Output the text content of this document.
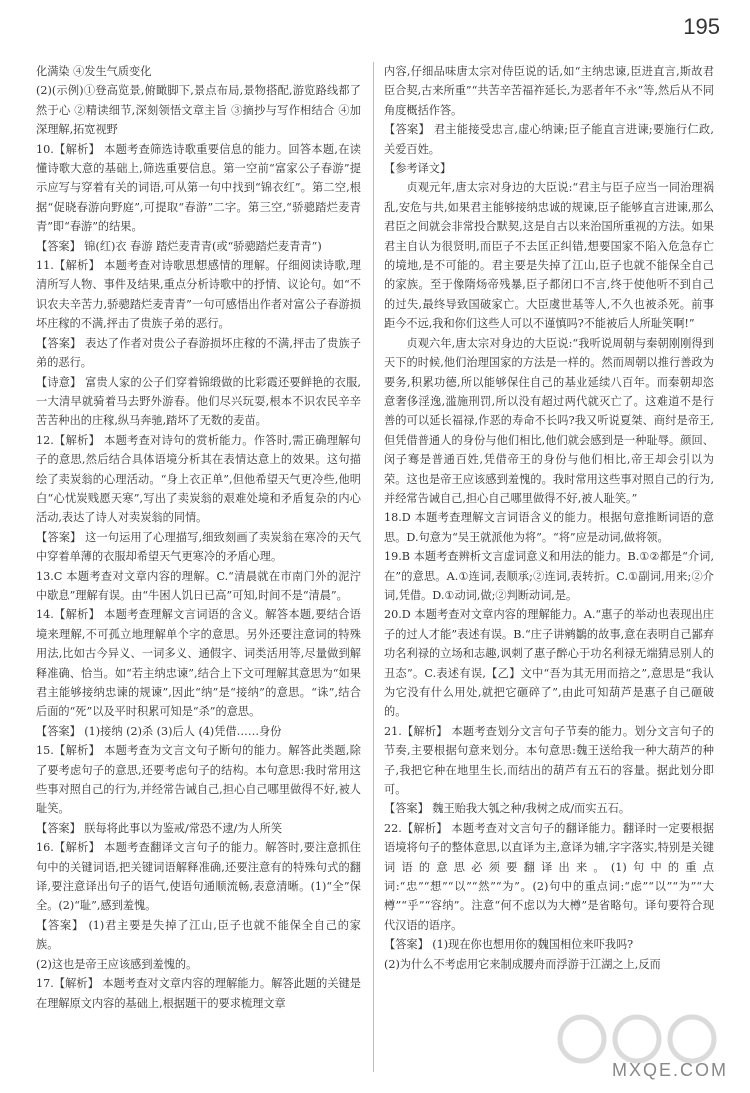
195

化满染 ④发生气质变化

(2)(示例)①登高览景,俯瞰脚下,景点布局,景物搭配,游览路线都了然于心 ②精读细节,深刻领悟文章主旨 ③摘抄与写作相结合 ④加深理解,拓宽视野

10.【解析】 本题考查筛选诗歌重要信息的能力。回答本题,在读懂诗歌大意的基础上,筛选重要信息。第一空前“富家公子春游”提示应写与穿着有关的词语,可从第一句中找到“锦衣红”。第二空,根据“促晓春游向野庭”,可提取“春游”二字。第三空,“骄骢踏烂麦青青”即“春游”的结果。

【答案】 锦(红)衣 春游 踏烂麦青青(或“骄骢踏烂麦青青”)

11.【解析】 本题考查对诗歌思想感情的理解。仔细阅读诗歌,理清所写人物、事件及结果,重点分析诗歌中的抒情、议论句。如“不识农夫辛苦力,骄骢踏烂麦青青”一句可感悟出作者对富公子春游损坏庄稼的不满,抨击了贵族子弟的恶行。

【答案】 表达了作者对贵公子春游损坏庄稼的不满,抨击了贵族子弟的恶行。

【诗意】 富贵人家的公子们穿着锦缎做的比彩霞还要鲜艳的衣服,一大清早就骑着马去野外游春。他们尽兴玩耍,根本不识农民辛辛苦苦种出的庄稼,纵马奔驰,踏坏了无数的麦苗。

12.【解析】 本题考查对诗句的赏析能力。作答时,需正确理解句子的意思,然后结合具体语境分析其在表情达意上的效果。这句描绘了卖炭翁的心理活动。“身上衣正单”,但他希望天气更冷些,他明白“心忧炭贱愿天寒”,写出了卖炭翁的艰难处境和矛盾复杂的内心活动,表达了诗人对卖炭翁的同情。

【答案】 这一句运用了心理描写,细致刻画了卖炭翁在寒冷的天气中穿着单薄的衣服却希望天气更寒冷的矛盾心理。

13.C 本题考查对文章内容的理解。C.“清晨就在市南门外的泥泞中歇息”理解有误。由“牛困人饥日已高”可知,时间不是“清晨”。

14.【解析】 本题考查理解文言词语的含义。解答本题,要结合语境来理解,不可孤立地理解单个字的意思。另外还要注意词的特殊用法,比如古今异义、一词多义、通假字、词类活用等,尽量做到解释准确、恰当。如“若主纳忠谏”,结合上下文可理解其意思为“如果君主能够接纳忠谏的规谏”,因此“纳”是“接纳”的意思。“诛”,结合后面的“死”以及平时积累可知是“杀”的意思。

【答案】 (1)接纳 (2)杀 (3)后人 (4)凭借……身份

15.【解析】 本题考查为文言文句子断句的能力。解答此类题,除了要考虑句子的意思,还要考虑句子的结构。本句意思:我时常用这些事对照自己的行为,并经常告诫自己,担心自己哪里做得不好,被人耻笑。

【答案】 朕每将此事以为鉴戒/常恐不逮/为人所笑

16.【解析】 本题考查翻译文言句子的能力。解答时,要注意抓住句中的关键词语,把关键词语解释准确,还要注意有的特殊句式的翻译,要注意译出句子的语气,使语句通顺流畅,表意清晰。(1)“全”保全。(2)“耻”,感到羞愧。

【答案】 (1)君主要是失掉了江山,臣子也就不能保全自己的家族。

(2)这也是帝王应该感到羞愧的。

17.【解析】 本题考查对文章内容的理解能力。解答此题的关键是在理解原文内容的基础上,根据题干的要求梳理文章

内容,仔细品味唐太宗对侍臣说的话,如“主纳忠谏,臣进直言,斯故君臣合契,古来所重”“共苦辛苦福祚延长,为恶者年不永”等,然后从不同角度概括作答。

【答案】 君主能接受忠言,虚心纳谏;臣子能直言进谏;要施行仁政,关爱百姓。

【参考译文】

贞观元年,唐太宗对身边的大臣说:“君主与臣子应当一同治理祸乱,安危与共,如果君主能够接纳忠诚的规谏,臣子能够直言进谏,那么君臣之间就会非常投合默契,这是自古以来治国所重视的方法。如果君主自认为很贤明,而臣子不去匡正纠错,想要国家不陷入危急存亡的境地,是不可能的。君主要是失掉了江山,臣子也就不能保全自己的家族。至于像隋炀帝残暴,臣子都闭口不言,终于使他听不到自己的过失,最终导致国破家亡。大臣虞世基等人,不久也被杀死。前事距今不远,我和你们这些人可以不谨慎吗?不能被后人所耻笑啊!”

贞观六年,唐太宗对身边的大臣说:“我听说周朝与秦朝刚刚得到天下的时候,他们治理国家的方法是一样的。然而周朝以推行善政为要务,积累功德,所以能够保住自己的基业延续八百年。而秦朝却恣意奢侈淫逸,滥施刑罚,所以没有超过两代就灭亡了。这难道不是行善的可以延长福禄,作恶的寿命不长吗?我又听说夏桀、商纣是帝王,但凭借普通人的身份与他们相比,他们就会感到是一种耻辱。颜回、闵子骞是普通百姓,凭借帝王的身份与他们相比,帝王却会引以为荣。这也是帝王应该感到羞愧的。我时常用这些事对照自己的行为,并经常告诫自己,担心自己哪里做得不好,被人耻笑。”

18.D 本题考查理解文言词语含义的能力。根据句意推断词语的意思。D.句意为“吴王就派他为将”。“将”应是动词,做将领。

19.B 本题考查辨析文言虚词意义和用法的能力。B.①②都是“介词,在”的意思。A.①连词,表顺承;②连词,表转折。C.①副词,用来;②介词,凭借。D.①动词,做;②判断动词,是。

20.D 本题考查对文章内容的理解能力。A.“惠子的举动也表现出庄子的过人才能”表述有误。B.“庄子讲鹓鶵的故事,意在表明自己鄙弃功名利禄的立场和志趣,讽刺了惠子醉心于功名利禄无端猜忌别人的丑态”。C.表述有误,【乙】文中“吾为其无用而掊之”,意思是“我认为它没有什么用处,就把它砸碎了”,由此可知葫芦是惠子自己砸破的。

21.【解析】 本题考查划分文言句子节奏的能力。划分文言句子的节奏,主要根据句意来划分。本句意思:魏王送给我一种大葫芦的种子,我把它种在地里生长,而结出的葫芦有五石的容量。据此划分即可。

【答案】 魏王贻我大瓠之种/我树之成/而实五石。

22.【解析】 本题考查对文言句子的翻译能力。翻译时一定要根据语境将句子的整体意思,以直译为主,意译为辅,字字落实,特别是关键词语的意思必须要翻译出来。(1)句中的重点词:“忠”“想”“以”“然”“为”。(2)句中的重点词:“虑”“以”“为”“大樽”“乎”“容纳”。注意“何不虑以为大樽”是省略句。译句要符合现代汉语的语序。

【答案】 (1)现在你也想用你的魏国相位来吓我吗?

(2)为什么不考虑用它来制成腰舟而浮游于江湖之上,反而

MXQE.COM
